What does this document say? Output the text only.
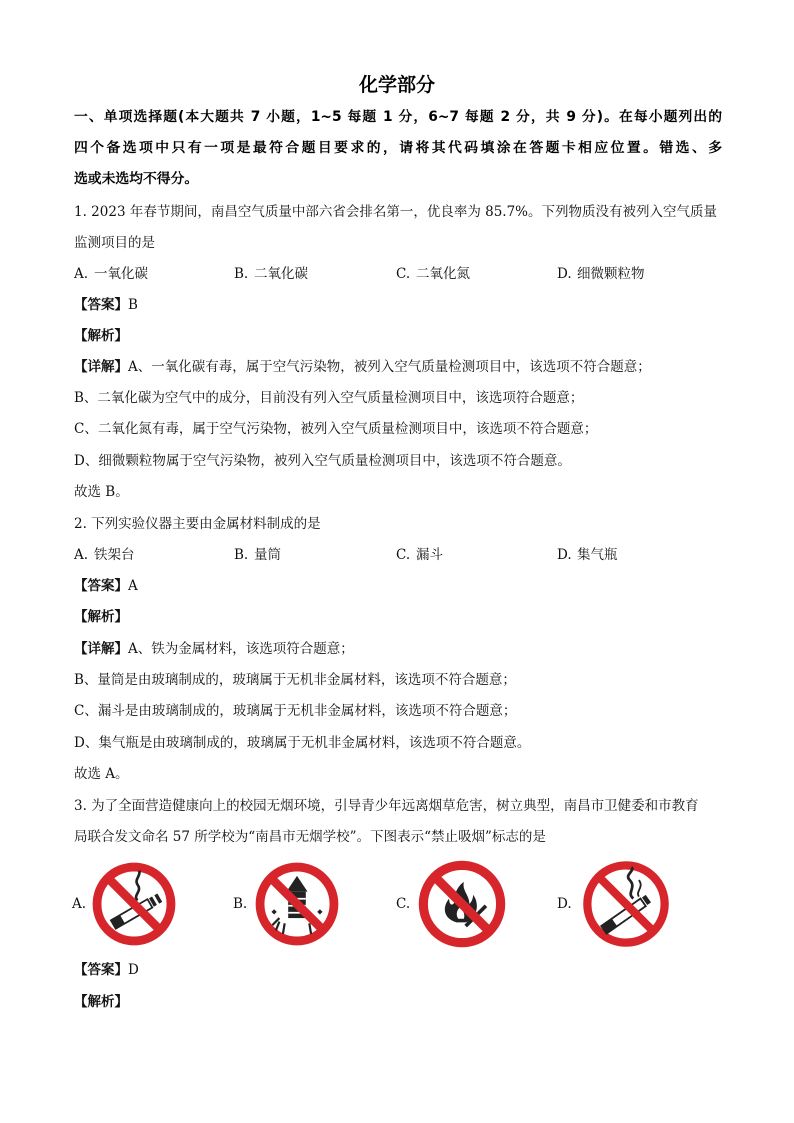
化学部分
一、单项选择题(本大题共 7 小题，1~5 每题 1 分，6~7 每题 2 分，共 9 分)。在每小题列出的
四个备选项中只有一项是最符合题目要求的，请将其代码填涂在答题卡相应位置。错选、多
选或未选均不得分。
1. 2023 年春节期间，南昌空气质量中部六省会排名第一，优良率为 85.7%。下列物质没有被列入空气质量
监测项目的是
A. 一氧化碳	B. 二氧化碳	C. 二氧化氮	D. 细微颗粒物
【答案】B
【解析】
【详解】A、一氧化碳有毒，属于空气污染物，被列入空气质量检测项目中，该选项不符合题意；
B、二氧化碳为空气中的成分，目前没有列入空气质量检测项目中，该选项符合题意；
C、二氧化氮有毒，属于空气污染物，被列入空气质量检测项目中，该选项不符合题意；
D、细微颗粒物属于空气污染物，被列入空气质量检测项目中，该选项不符合题意。
故选 B。
2. 下列实验仪器主要由金属材料制成的是
A. 铁架台	B. 量筒	C. 漏斗	D. 集气瓶
【答案】A
【解析】
【详解】A、铁为金属材料，该选项符合题意；
B、量筒是由玻璃制成的，玻璃属于无机非金属材料，该选项不符合题意；
C、漏斗是由玻璃制成的，玻璃属于无机非金属材料，该选项不符合题意；
D、集气瓶是由玻璃制成的，玻璃属于无机非金属材料，该选项不符合题意。
故选 A。
3. 为了全面营造健康向上的校园无烟环境，引导青少年远离烟草危害，树立典型，南昌市卫健委和市教育
局联合发文命名 57 所学校为“南昌市无烟学校”。下图表示“禁止吸烟”标志的是
A.	B.	C.	D.
【答案】D
【解析】
